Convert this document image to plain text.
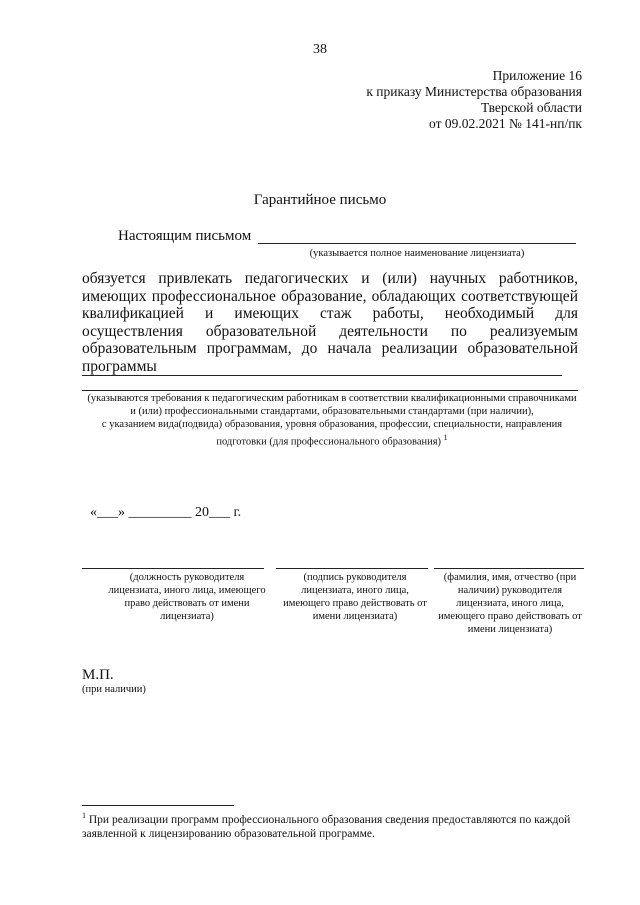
38
Приложение 16
к приказу Министерства образования
Тверской области
от 09.02.2021 № 141-нп/пк
Гарантийное письмо
Настоящим письмом
(указывается полное наименование лицензиата)
обязуется привлекать педагогических и (или) научных работников, имеющих профессиональное образование, обладающих соответствующей квалификацией и имеющих стаж работы, необходимый для осуществления образовательной деятельности по реализуемым образовательным программам, до начала реализации образовательной программы
(указываются требования к педагогическим работникам в соответствии квалификационными справочниками
и (или) профессиональными стандартами, образовательными стандартами (при наличии),
с указанием вида(подвида) образования, уровня образования, профессии, специальности, направления
подготовки (для профессионального образования) $^1$
«___» _________ 20___ г.
(должность руководителя
лицензиата, иного лица, имеющего
право действовать от имени
лицензиата)
(подпись руководителя
лицензиата, иного лица,
имеющего право действовать от
имени лицензиата)
(фамилия, имя, отчество (при
наличии) руководителя
лицензиата, иного лица,
имеющего право действовать от
имени лицензиата)
М.П.
(при наличии)
$^1$ При реализации программ профессионального образования сведения предоставляются по каждой заявленной к лицензированию образовательной программе.
